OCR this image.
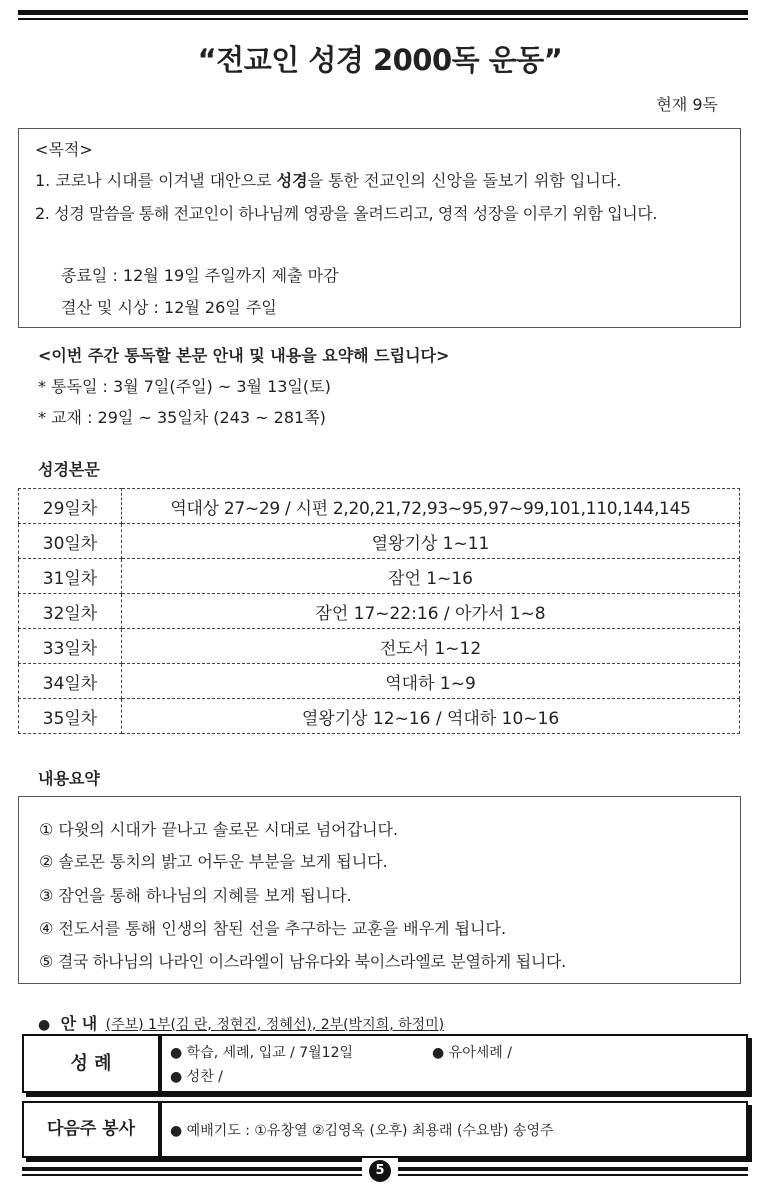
“전교인 성경 2000독 운동”
현재 9독
<목적>
1. 코로나 시대를 이겨낼 대안으로 성경을 통한 전교인의 신앙을 돌보기 위함 입니다.
2. 성경 말씀을 통해 전교인이 하나님께 영광을 올려드리고, 영적 성장을 이루기 위함 입니다.
종료일 : 12월 19일 주일까지 제출 마감
결산 및 시상 : 12월 26일 주일
<이번 주간 통독할 본문 안내 및 내용을 요약해 드립니다>
* 통독일 : 3월 7일(주일) ~ 3월 13일(토)
* 교재 : 29일 ~ 35일차 (243 ~ 281쪽)
성경본문
29일차	역대상 27~29 / 시편 2,20,21,72,93~95,97~99,101,110,144,145
30일차	열왕기상 1~11
31일차	잠언 1~16
32일차	잠언 17~22:16 / 아가서 1~8
33일차	전도서 1~12
34일차	역대하 1~9
35일차	열왕기상 12~16 / 역대하 10~16
내용요약
① 다윗의 시대가 끝나고 솔로몬 시대로 넘어갑니다.
② 솔로몬 통치의 밝고 어두운 부분을 보게 됩니다.
③ 잠언을 통해 하나님의 지혜를 보게 됩니다.
④ 전도서를 통해 인생의 참된 선을 추구하는 교훈을 배우게 됩니다.
⑤ 결국 하나님의 나라인 이스라엘이 남유다와 북이스라엘로 분열하게 됩니다.
● 안 내 (주보) 1부(김 란, 정현진, 정혜선), 2부(박지희, 하정미)
성 례	● 학습, 세례, 입교 / 7월12일	● 유아세례 /
● 성찬 /
다음주 봉사	● 예배기도 : ①유창열 ②김영옥 (오후) 최용래 (수요밤) 송영주
5
